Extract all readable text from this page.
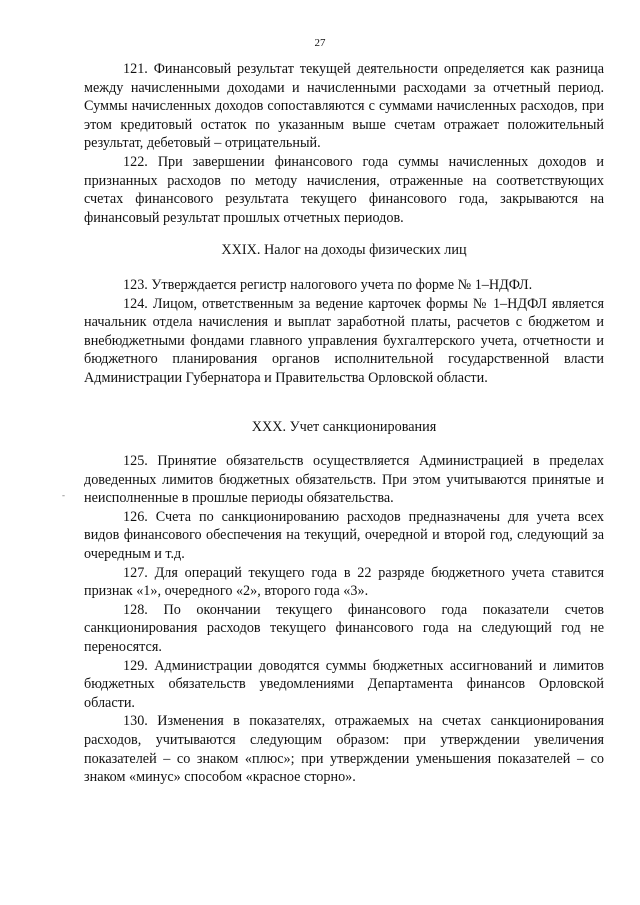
27
-

121. Финансовый результат текущей деятельности определяется как разница между начисленными доходами и начисленными расходами за отчетный период. Суммы начисленных доходов сопоставляются с суммами начисленных расходов, при этом кредитовый остаток по указанным выше счетам отражает положительный результат, дебетовый – отрицательный.

122. При завершении финансового года суммы начисленных доходов и признанных расходов по методу начисления, отраженные на соответствующих счетах финансового результата текущего финансового года, закрываются на финансовый результат прошлых отчетных периодов.

XXIX. Налог на доходы физических лиц

123. Утверждается регистр налогового учета по форме № 1–НДФЛ.

124. Лицом, ответственным за ведение карточек формы № 1–НДФЛ является начальник отдела начисления и выплат заработной платы, расчетов с бюджетом и внебюджетными фондами главного управления бухгалтерского учета, отчетности и бюджетного планирования органов исполнительной государственной власти Администрации Губернатора и Правительства Орловской области.

XXX. Учет санкционирования

125. Принятие обязательств осуществляется Администрацией в пределах доведенных лимитов бюджетных обязательств. При этом учитываются принятые и неисполненные в прошлые периоды обязательства.

126. Счета по санкционированию расходов предназначены для учета всех видов финансового обеспечения на текущий, очередной и второй год, следующий за очередным и т.д.

127. Для операций текущего года в 22 разряде бюджетного учета ставится признак «1», очередного «2», второго года «3».

128. По окончании текущего финансового года показатели счетов санкционирования расходов текущего финансового года на следующий год не переносятся.

129. Администрации доводятся суммы бюджетных ассигнований и лимитов бюджетных обязательств уведомлениями Департамента финансов Орловской области.

130. Изменения в показателях, отражаемых на счетах санкционирования расходов, учитываются следующим образом: при утверждении увеличения показателей – со знаком «плюс»; при утверждении уменьшения показателей – со знаком «минус» способом «красное сторно».
